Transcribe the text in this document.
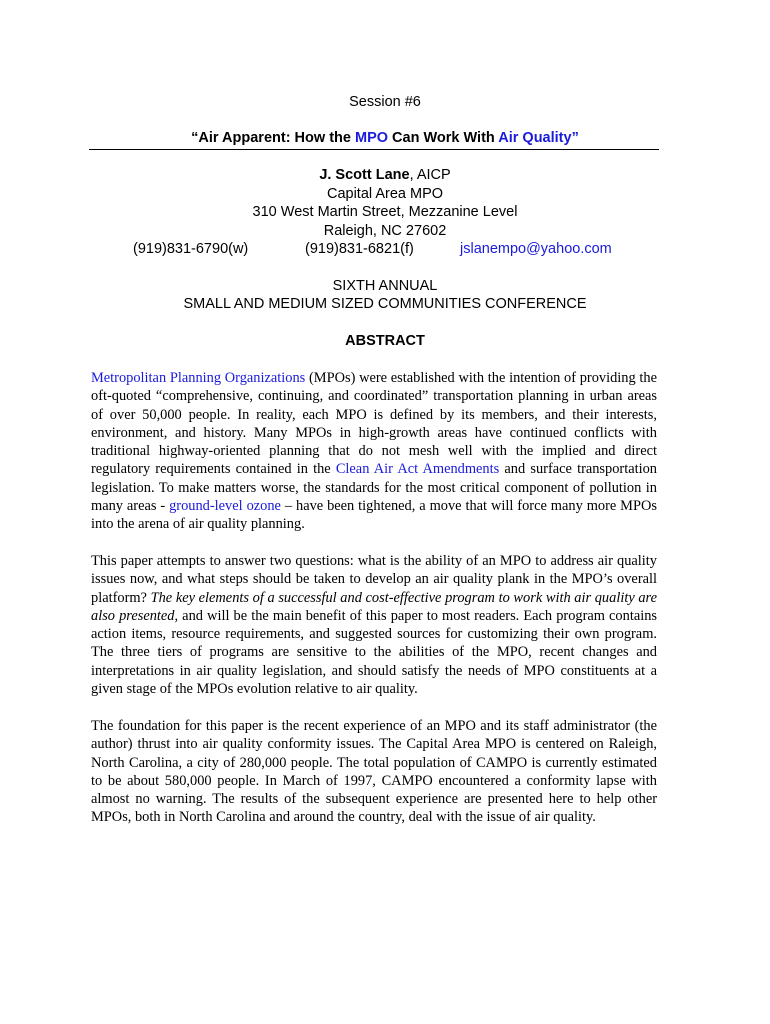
Session #6
“Air Apparent: How the MPO Can Work With Air Quality”
J. Scott Lane, AICP
Capital Area MPO
310 West Martin Street, Mezzanine Level
Raleigh, NC 27602
(919)831-6790(w)	(919)831-6821(f)	jslanempo@yahoo.com
SIXTH ANNUAL
SMALL AND MEDIUM SIZED COMMUNITIES CONFERENCE
ABSTRACT
Metropolitan Planning Organizations (MPOs) were established with the intention of providing the oft-quoted “comprehensive, continuing, and coordinated” transportation planning in urban areas of over 50,000 people. In reality, each MPO is defined by its members, and their interests, environment, and history. Many MPOs in high-growth areas have continued conflicts with traditional highway-oriented planning that do not mesh well with the implied and direct regulatory requirements contained in the Clean Air Act Amendments and surface transportation legislation. To make matters worse, the standards for the most critical component of pollution in many areas - ground-level ozone – have been tightened, a move that will force many more MPOs into the arena of air quality planning.
This paper attempts to answer two questions: what is the ability of an MPO to address air quality issues now, and what steps should be taken to develop an air quality plank in the MPO’s overall platform? The key elements of a successful and cost-effective program to work with air quality are also presented, and will be the main benefit of this paper to most readers. Each program contains action items, resource requirements, and suggested sources for customizing their own program. The three tiers of programs are sensitive to the abilities of the MPO, recent changes and interpretations in air quality legislation, and should satisfy the needs of MPO constituents at a given stage of the MPOs evolution relative to air quality.
The foundation for this paper is the recent experience of an MPO and its staff administrator (the author) thrust into air quality conformity issues. The Capital Area MPO is centered on Raleigh, North Carolina, a city of 280,000 people. The total population of CAMPO is currently estimated to be about 580,000 people. In March of 1997, CAMPO encountered a conformity lapse with almost no warning. The results of the subsequent experience are presented here to help other MPOs, both in North Carolina and around the country, deal with the issue of air quality.
